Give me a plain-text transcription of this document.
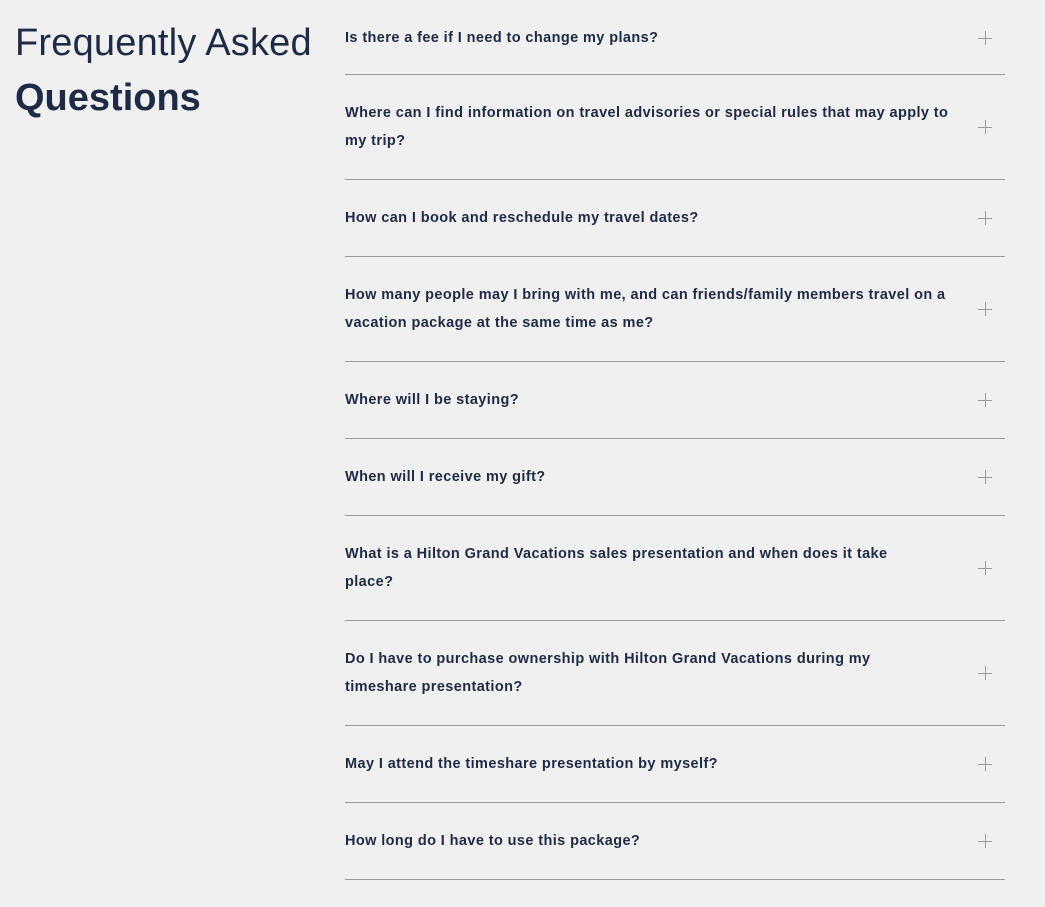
Frequently Asked
Questions
Is there a fee if I need to change my plans?
Where can I find information on travel advisories or special rules that may apply to my trip?
How can I book and reschedule my travel dates?
How many people may I bring with me, and can friends/family members travel on a vacation package at the same time as me?
Where will I be staying?
When will I receive my gift?
What is a Hilton Grand Vacations sales presentation and when does it take place?
Do I have to purchase ownership with Hilton Grand Vacations during my timeshare presentation?
May I attend the timeshare presentation by myself?
How long do I have to use this package?
